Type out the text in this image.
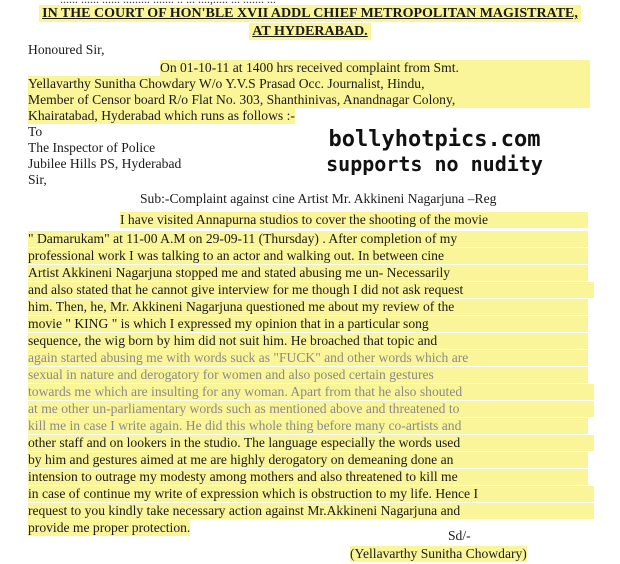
IN THE COURT OF HON'BLE XVII ADDL CHIEF METROPOLITAN MAGISTRATE,
AT HYDERABAD.
Honoured Sir,
On 01-10-11 at 1400 hrs received complaint from Smt.
Yellavarthy Sunitha Chowdary W/o Y.V.S Prasad Occ. Journalist, Hindu,
Member of Censor board R/o Flat No. 303, Shanthinivas, Anandnagar Colony,
Khairatabad, Hyderabad which runs as follows :-
To
The Inspector of Police
Jubilee Hills PS, Hyderabad
Sir,
bollyhotpics.com
supports no nudity
Sub:-Complaint against cine Artist Mr. Akkineni Nagarjuna –Reg
I have visited Annapurna studios to cover the shooting of the movie
" Damarukam" at 11-00 A.M on 29-09-11 (Thursday) . After completion of my
professional work I was talking to an actor and walking out. In between cine
Artist Akkineni Nagarjuna stopped me and stated abusing me un- Necessarily
and also stated that he cannot give interview for me though I did not ask request
him. Then, he, Mr. Akkineni Nagarjuna questioned me about my review of the
movie " KING " is which I expressed my opinion that in a particular song
sequence, the wig born by him did not suit him. He broached that topic and
again started abusing me with words suck as "FUCK" and other words which are
sexual in nature and derogatory for women and also posed certain gestures
towards me which are insulting for any woman. Apart from that he also shouted
at me other un-parliamentary words such as mentioned above and threatened to
kill me in case I write again. He did this whole thing before many co-artists and
other staff and on lookers in the studio. The language especially the words used
by him and gestures aimed at me are highly derogatory on demeaning done an
intension to outrage my modesty among mothers and also threatened to kill me
in case of continue my write of expression which is obstruction to my life. Hence I
request to you kindly take necessary action against Mr.Akkineni Nagarjuna and
provide me proper protection.
Sd/-
(Yellavarthy Sunitha Chowdary)
